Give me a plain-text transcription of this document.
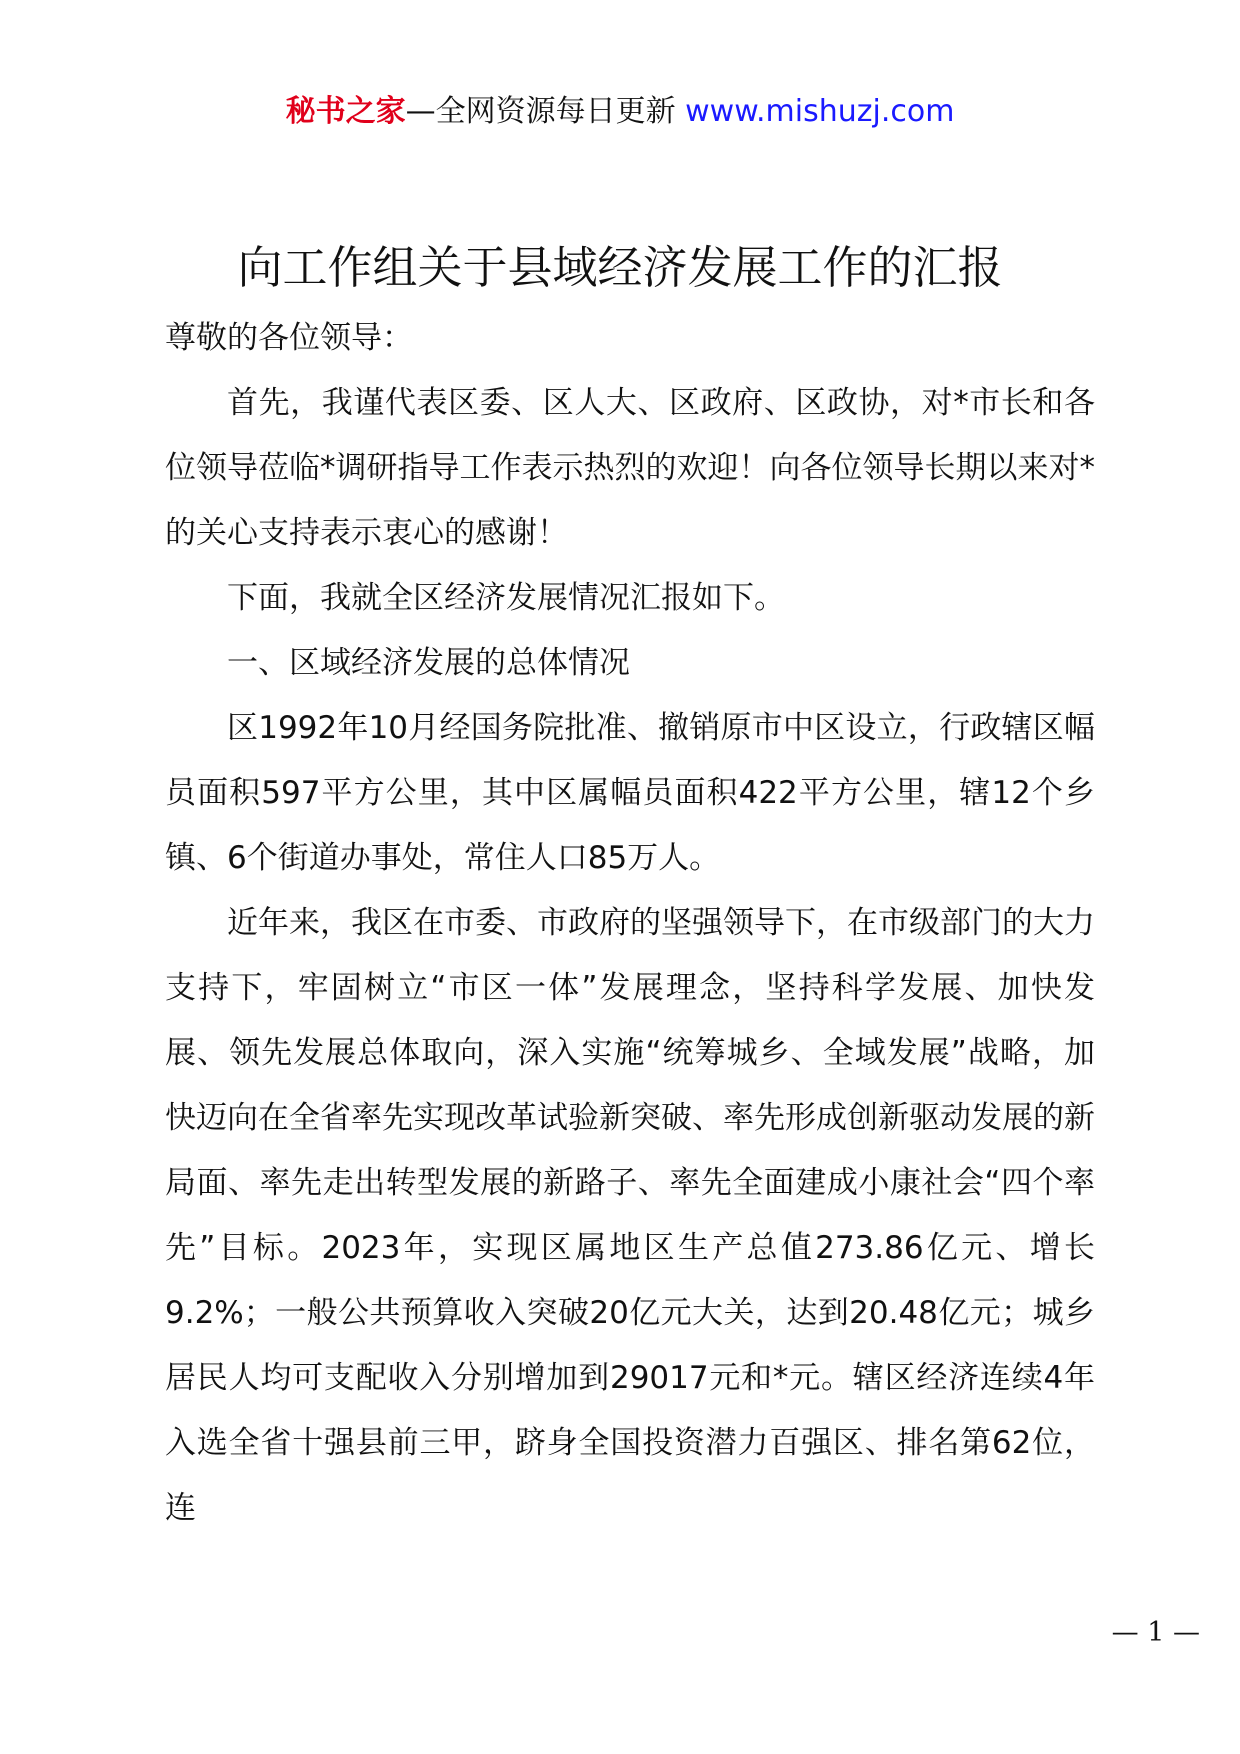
秘书之家—全网资源每日更新 www.mishuzj.com
向工作组关于县域经济发展工作的汇报

尊敬的各位领导：

首先，我谨代表区委、区人大、区政府、区政协，对*市长和各位领导莅临*调研指导工作表示热烈的欢迎！向各位领导长期以来对*的关心支持表示衷心的感谢！

下面，我就全区经济发展情况汇报如下。

一、区域经济发展的总体情况

区1992年10月经国务院批准、撤销原市中区设立，行政辖区幅员面积597平方公里，其中区属幅员面积422平方公里，辖12个乡镇、6个街道办事处，常住人口85万人。

近年来，我区在市委、市政府的坚强领导下，在市级部门的大力支持下，牢固树立“市区一体”发展理念，坚持科学发展、加快发展、领先发展总体取向，深入实施“统筹城乡、全域发展”战略，加快迈向在全省率先实现改革试验新突破、率先形成创新驱动发展的新局面、率先走出转型发展的新路子、率先全面建成小康社会“四个率先”目标。2023年，实现区属地区生产总值273.86亿元、增长9.2%；一般公共预算收入突破20亿元大关，达到20.48亿元；城乡居民人均可支配收入分别增加到29017元和*元。辖区经济连续4年入选全省十强县前三甲，跻身全国投资潜力百强区、排名第62位，连

— 1 —
